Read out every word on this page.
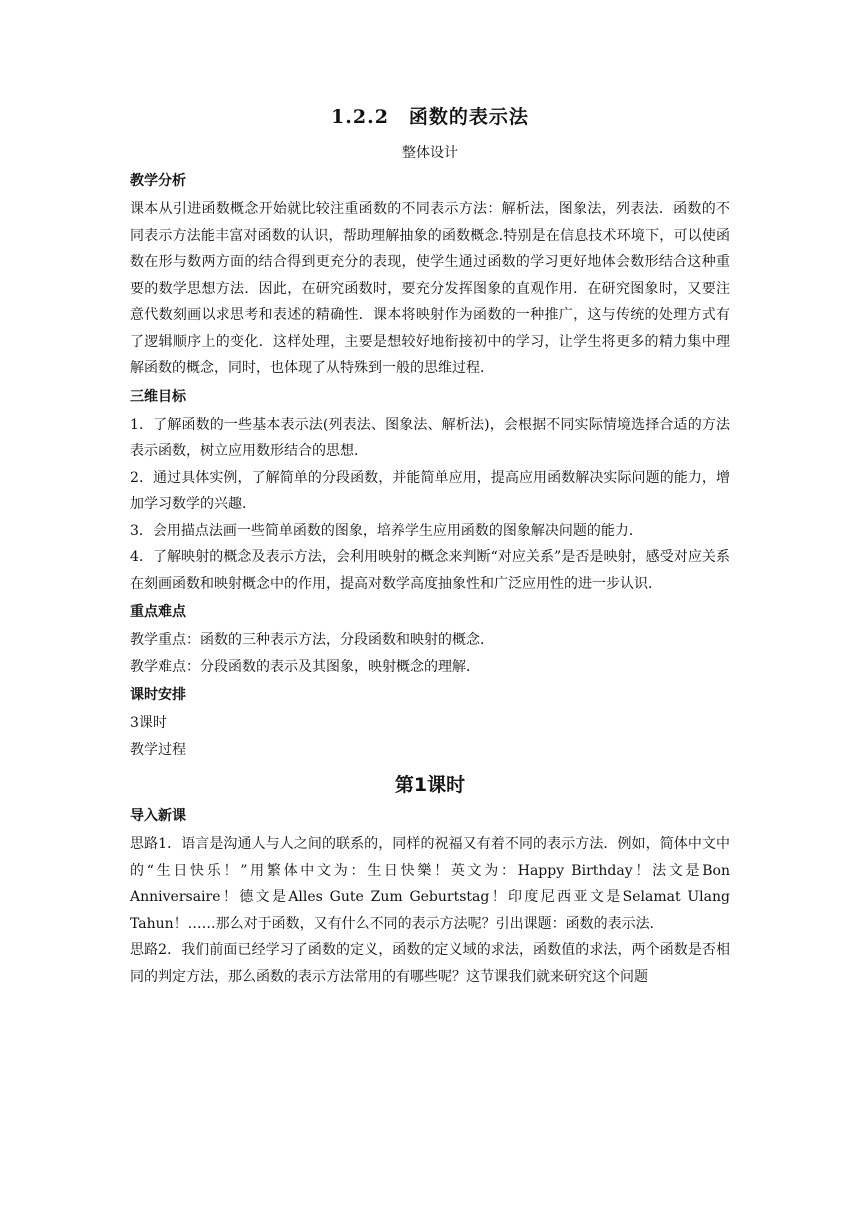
1.2.2　函数的表示法

整体设计

教学分析

课本从引进函数概念开始就比较注重函数的不同表示方法：解析法，图象法，列表法．函数的不同表示方法能丰富对函数的认识，帮助理解抽象的函数概念.特别是在信息技术环境下，可以使函数在形与数两方面的结合得到更充分的表现，使学生通过函数的学习更好地体会数形结合这种重要的数学思想方法．因此，在研究函数时，要充分发挥图象的直观作用．在研究图象时，又要注意代数刻画以求思考和表述的精确性．课本将映射作为函数的一种推广，这与传统的处理方式有了逻辑顺序上的变化．这样处理，主要是想较好地衔接初中的学习，让学生将更多的精力集中理解函数的概念，同时，也体现了从特殊到一般的思维过程．

三维目标

1．了解函数的一些基本表示法(列表法、图象法、解析法)，会根据不同实际情境选择合适的方法表示函数，树立应用数形结合的思想．

2．通过具体实例，了解简单的分段函数，并能简单应用，提高应用函数解决实际问题的能力，增加学习数学的兴趣．

3．会用描点法画一些简单函数的图象，培养学生应用函数的图象解决问题的能力．

4．了解映射的概念及表示方法，会利用映射的概念来判断“对应关系”是否是映射，感受对应关系在刻画函数和映射概念中的作用，提高对数学高度抽象性和广泛应用性的进一步认识．

重点难点

教学重点：函数的三种表示方法，分段函数和映射的概念．

教学难点：分段函数的表示及其图象，映射概念的理解．

课时安排

3课时

教学过程

第1课时

导入新课

思路1．语言是沟通人与人之间的联系的，同样的祝福又有着不同的表示方法．例如，简体中文中的“生日快乐！”用繁体中文为：生日快樂！英文为：Happy Birthday！法文是Bon Anniversaire！德文是Alles Gute Zum Geburtstag！印度尼西亚文是Selamat Ulang Tahun！……那么对于函数，又有什么不同的表示方法呢？引出课题：函数的表示法．

思路2．我们前面已经学习了函数的定义，函数的定义域的求法，函数值的求法，两个函数是否相同的判定方法，那么函数的表示方法常用的有哪些呢？这节课我们就来研究这个问题
